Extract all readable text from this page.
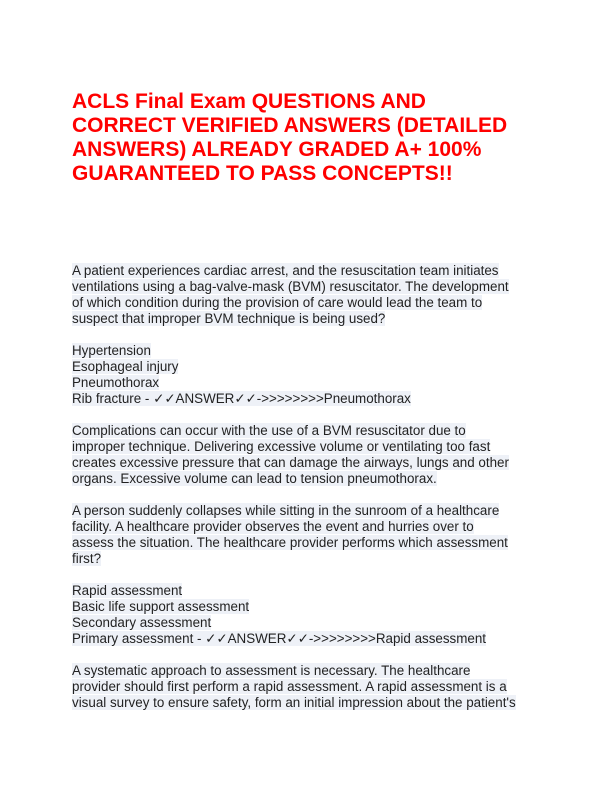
ACLS Final Exam QUESTIONS AND
CORRECT VERIFIED ANSWERS (DETAILED
ANSWERS) ALREADY GRADED A+ 100%
GUARANTEED TO PASS CONCEPTS!!
A patient experiences cardiac arrest, and the resuscitation team initiates
ventilations using a bag-valve-mask (BVM) resuscitator. The development
of which condition during the provision of care would lead the team to
suspect that improper BVM technique is being used?
Hypertension
Esophageal injury
Pneumothorax
Rib fracture - ✓✓ANSWER✓✓->>>>>>>>Pneumothorax
Complications can occur with the use of a BVM resuscitator due to
improper technique. Delivering excessive volume or ventilating too fast
creates excessive pressure that can damage the airways, lungs and other
organs. Excessive volume can lead to tension pneumothorax.
A person suddenly collapses while sitting in the sunroom of a healthcare
facility. A healthcare provider observes the event and hurries over to
assess the situation. The healthcare provider performs which assessment
first?
Rapid assessment
Basic life support assessment
Secondary assessment
Primary assessment - ✓✓ANSWER✓✓->>>>>>>>Rapid assessment
A systematic approach to assessment is necessary. The healthcare
provider should first perform a rapid assessment. A rapid assessment is a
visual survey to ensure safety, form an initial impression about the patient's
